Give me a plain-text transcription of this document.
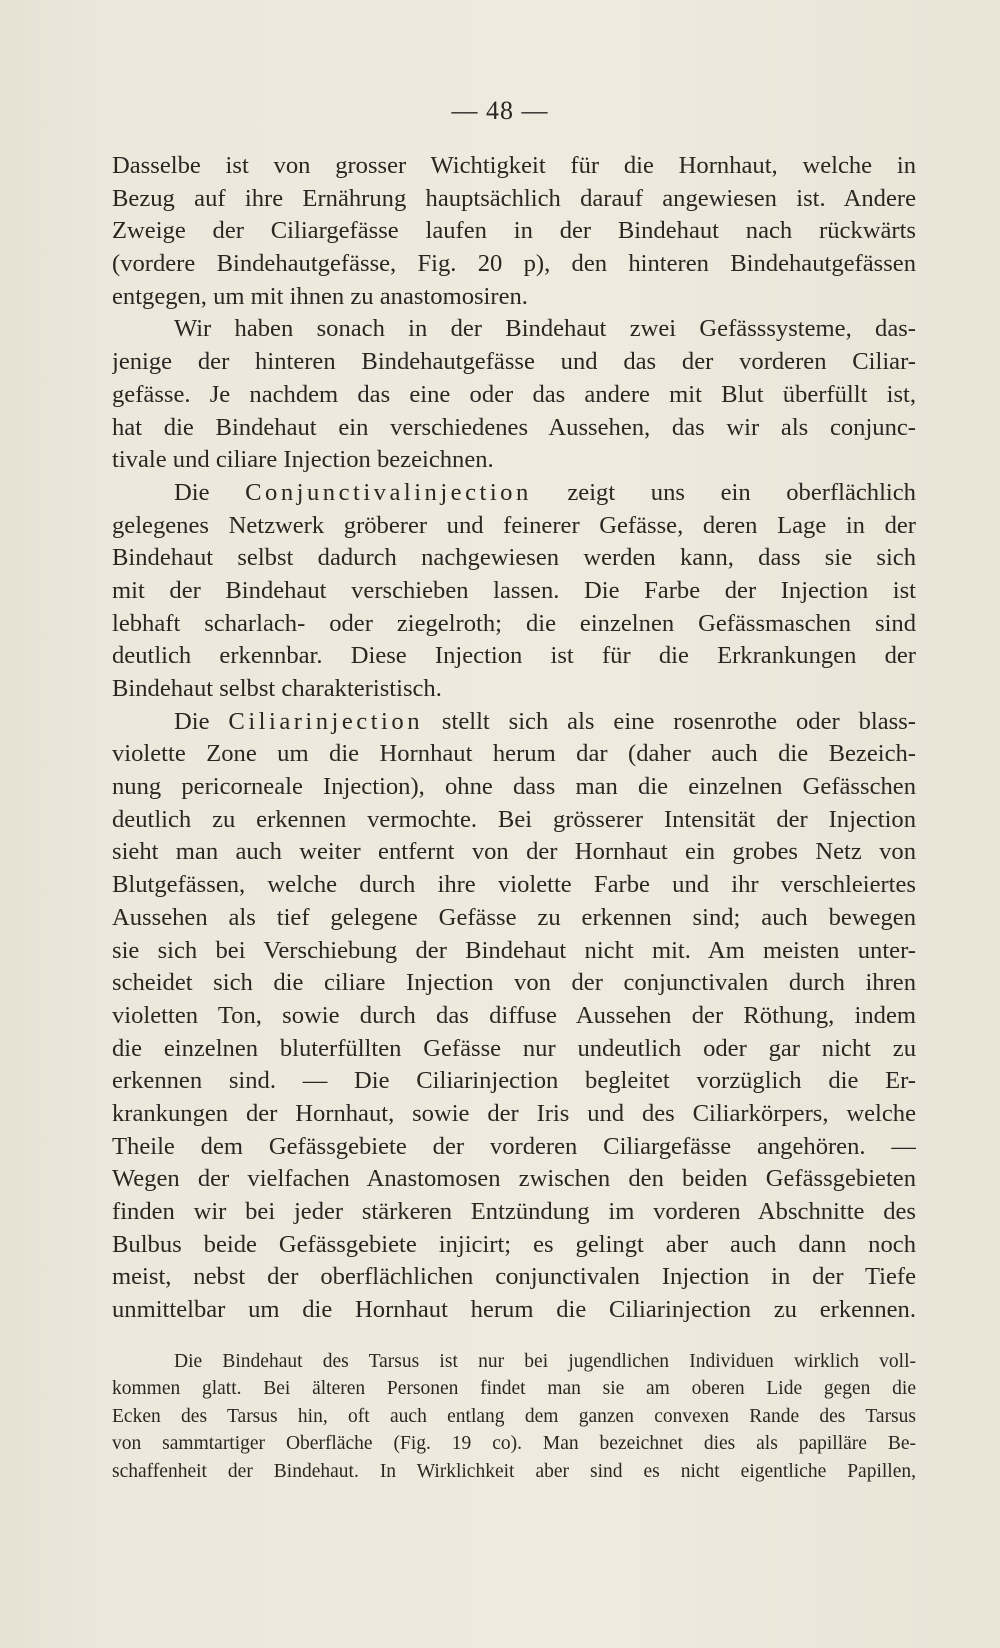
— 48 —
Dasselbe ist von grosser Wichtigkeit für die Hornhaut, welche in
Bezug auf ihre Ernährung hauptsächlich darauf angewiesen ist. Andere
Zweige der Ciliargefässe laufen in der Bindehaut nach rückwärts
(vordere Bindehautgefässe, Fig. 20 p), den hinteren Bindehautgefässen
entgegen, um mit ihnen zu anastomosiren.
Wir haben sonach in der Bindehaut zwei Gefässsysteme, das-
jenige der hinteren Bindehautgefässe und das der vorderen Ciliar-
gefässe. Je nachdem das eine oder das andere mit Blut überfüllt ist,
hat die Bindehaut ein verschiedenes Aussehen, das wir als conjunc-
tivale und ciliare Injection bezeichnen.
Die Conjunctivalinjection zeigt uns ein oberflächlich
gelegenes Netzwerk gröberer und feinerer Gefässe, deren Lage in der
Bindehaut selbst dadurch nachgewiesen werden kann, dass sie sich
mit der Bindehaut verschieben lassen. Die Farbe der Injection ist
lebhaft scharlach- oder ziegelroth; die einzelnen Gefässmaschen sind
deutlich erkennbar. Diese Injection ist für die Erkrankungen der
Bindehaut selbst charakteristisch.
Die Ciliarinjection stellt sich als eine rosenrothe oder blass-
violette Zone um die Hornhaut herum dar (daher auch die Bezeich-
nung pericorneale Injection), ohne dass man die einzelnen Gefässchen
deutlich zu erkennen vermochte. Bei grösserer Intensität der Injection
sieht man auch weiter entfernt von der Hornhaut ein grobes Netz von
Blutgefässen, welche durch ihre violette Farbe und ihr verschleiertes
Aussehen als tief gelegene Gefässe zu erkennen sind; auch bewegen
sie sich bei Verschiebung der Bindehaut nicht mit. Am meisten unter-
scheidet sich die ciliare Injection von der conjunctivalen durch ihren
violetten Ton, sowie durch das diffuse Aussehen der Röthung, indem
die einzelnen bluterfüllten Gefässe nur undeutlich oder gar nicht zu
erkennen sind. — Die Ciliarinjection begleitet vorzüglich die Er-
krankungen der Hornhaut, sowie der Iris und des Ciliarkörpers, welche
Theile dem Gefässgebiete der vorderen Ciliargefässe angehören. —
Wegen der vielfachen Anastomosen zwischen den beiden Gefässgebieten
finden wir bei jeder stärkeren Entzündung im vorderen Abschnitte des
Bulbus beide Gefässgebiete injicirt; es gelingt aber auch dann noch
meist, nebst der oberflächlichen conjunctivalen Injection in der Tiefe
unmittelbar um die Hornhaut herum die Ciliarinjection zu erkennen.
Die Bindehaut des Tarsus ist nur bei jugendlichen Individuen wirklich voll-
kommen glatt. Bei älteren Personen findet man sie am oberen Lide gegen die
Ecken des Tarsus hin, oft auch entlang dem ganzen convexen Rande des Tarsus
von sammtartiger Oberfläche (Fig. 19 co). Man bezeichnet dies als papilläre Be-
schaffenheit der Bindehaut. In Wirklichkeit aber sind es nicht eigentliche Papillen,
